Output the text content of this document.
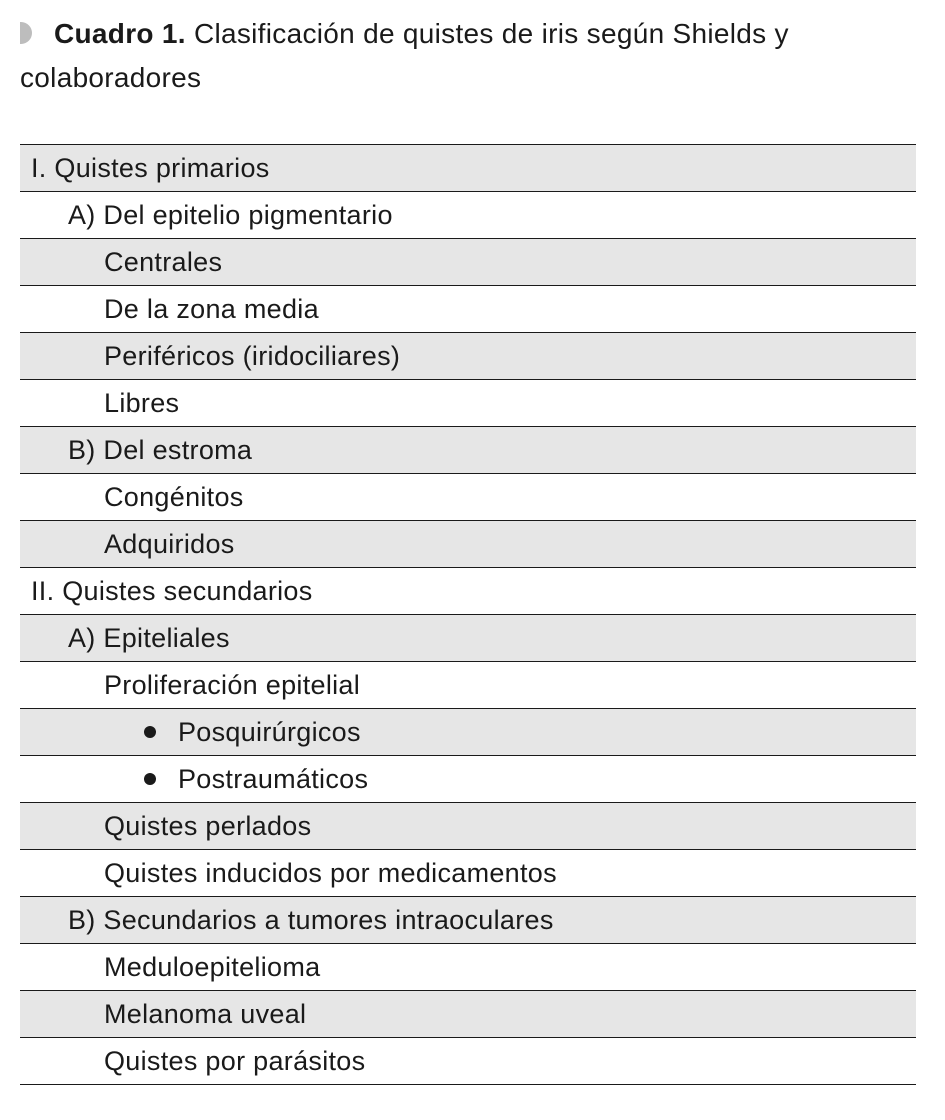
Cuadro 1. Clasificación de quistes de iris según Shields y colaboradores
I. Quistes primarios
A) Del epitelio pigmentario
Centrales
De la zona media
Periféricos (iridociliares)
Libres
B) Del estroma
Congénitos
Adquiridos
II. Quistes secundarios
A) Epiteliales
Proliferación epitelial
Posquirúrgicos
Postraumáticos
Quistes perlados
Quistes inducidos por medicamentos
B) Secundarios a tumores intraoculares
Meduloepitelioma
Melanoma uveal
Quistes por parásitos
